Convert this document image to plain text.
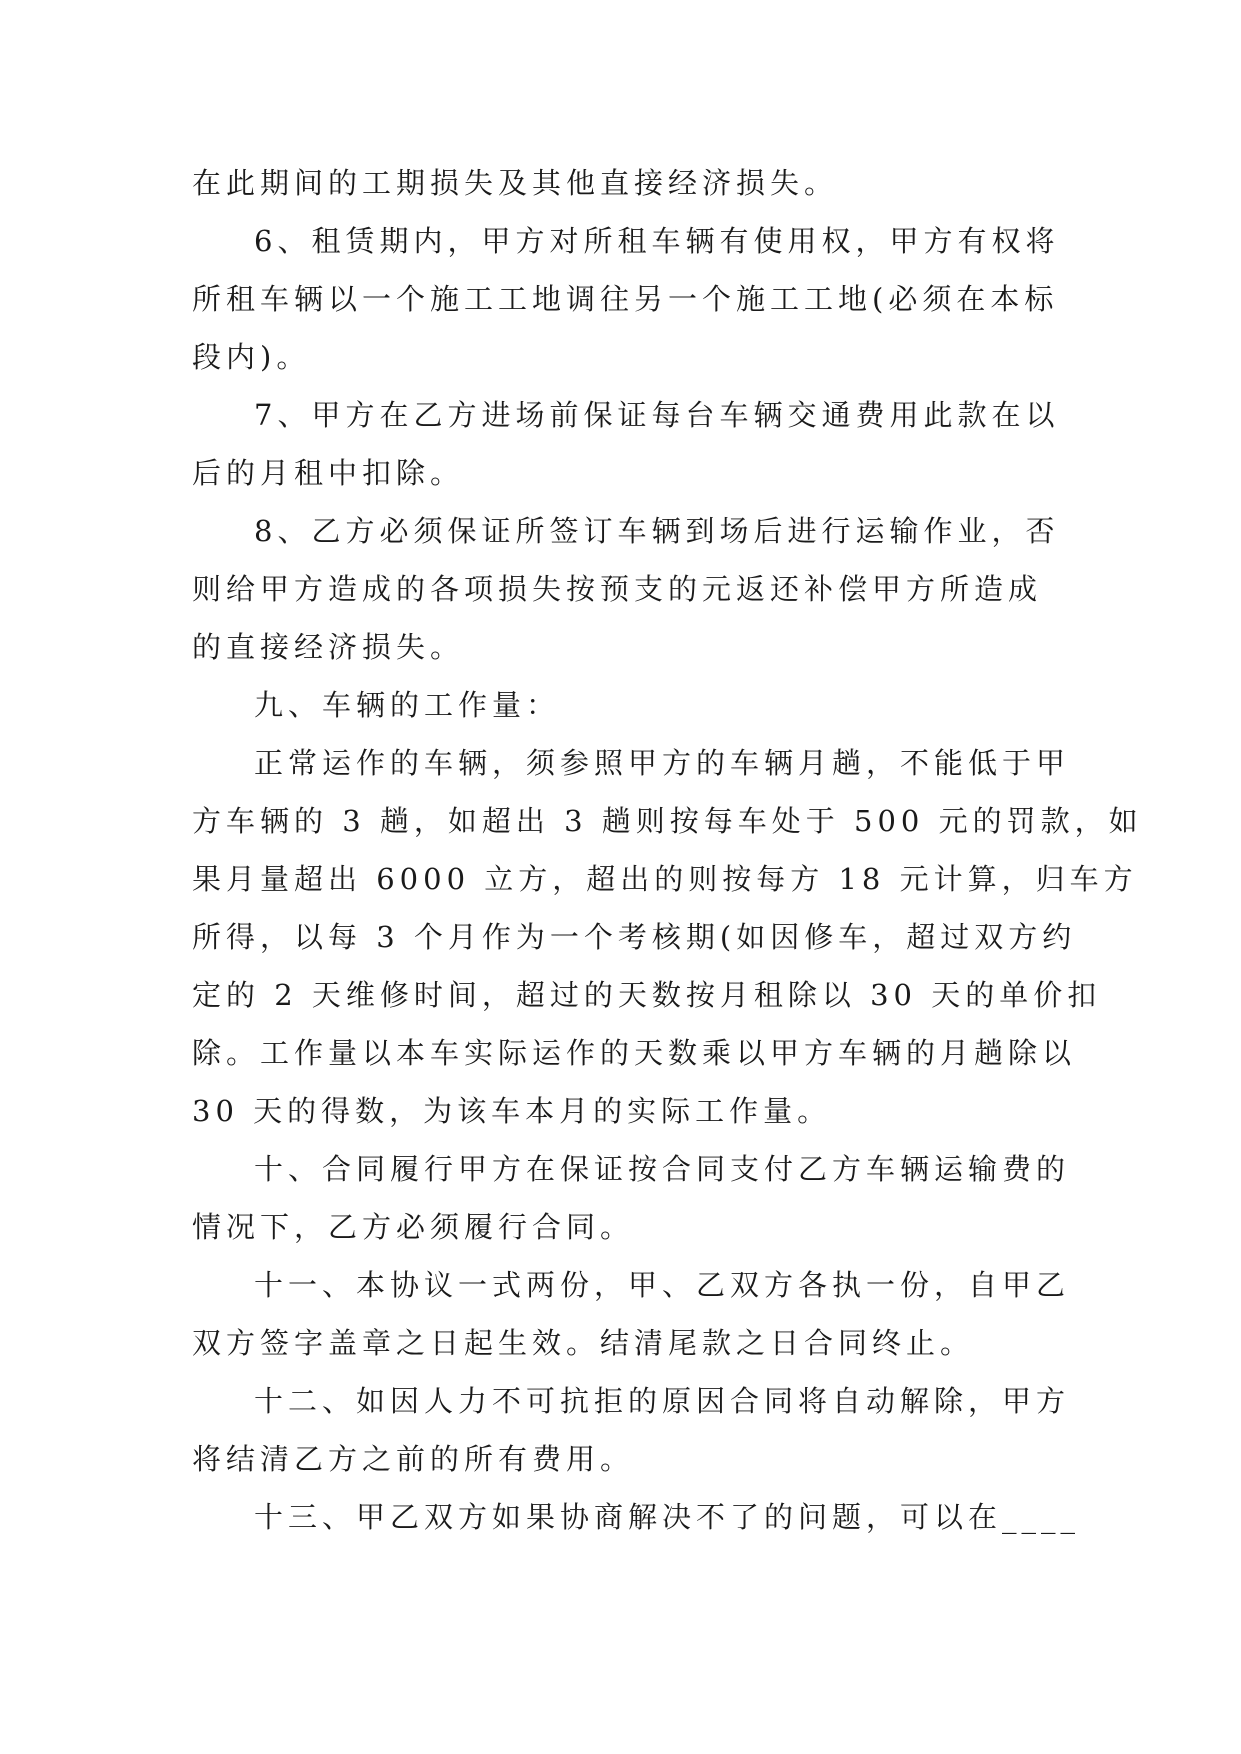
在此期间的工期损失及其他直接经济损失。
6、租赁期内，甲方对所租车辆有使用权，甲方有权将
所租车辆以一个施工工地调往另一个施工工地(必须在本标
段内)。
7、甲方在乙方进场前保证每台车辆交通费用此款在以
后的月租中扣除。
8、乙方必须保证所签订车辆到场后进行运输作业，否
则给甲方造成的各项损失按预支的元返还补偿甲方所造成
的直接经济损失。
九、车辆的工作量：
正常运作的车辆，须参照甲方的车辆月趟，不能低于甲
方车辆的 3 趟，如超出 3 趟则按每车处于 500 元的罚款，如
果月量超出 6000 立方，超出的则按每方 18 元计算，归车方
所得，以每 3 个月作为一个考核期(如因修车，超过双方约
定的 2 天维修时间，超过的天数按月租除以 30 天的单价扣
除。工作量以本车实际运作的天数乘以甲方车辆的月趟除以
30 天的得数，为该车本月的实际工作量。
十、合同履行甲方在保证按合同支付乙方车辆运输费的
情况下，乙方必须履行合同。
十一、本协议一式两份，甲、乙双方各执一份，自甲乙
双方签字盖章之日起生效。结清尾款之日合同终止。
十二、如因人力不可抗拒的原因合同将自动解除，甲方
将结清乙方之前的所有费用。
十三、甲乙双方如果协商解决不了的问题，可以在____
